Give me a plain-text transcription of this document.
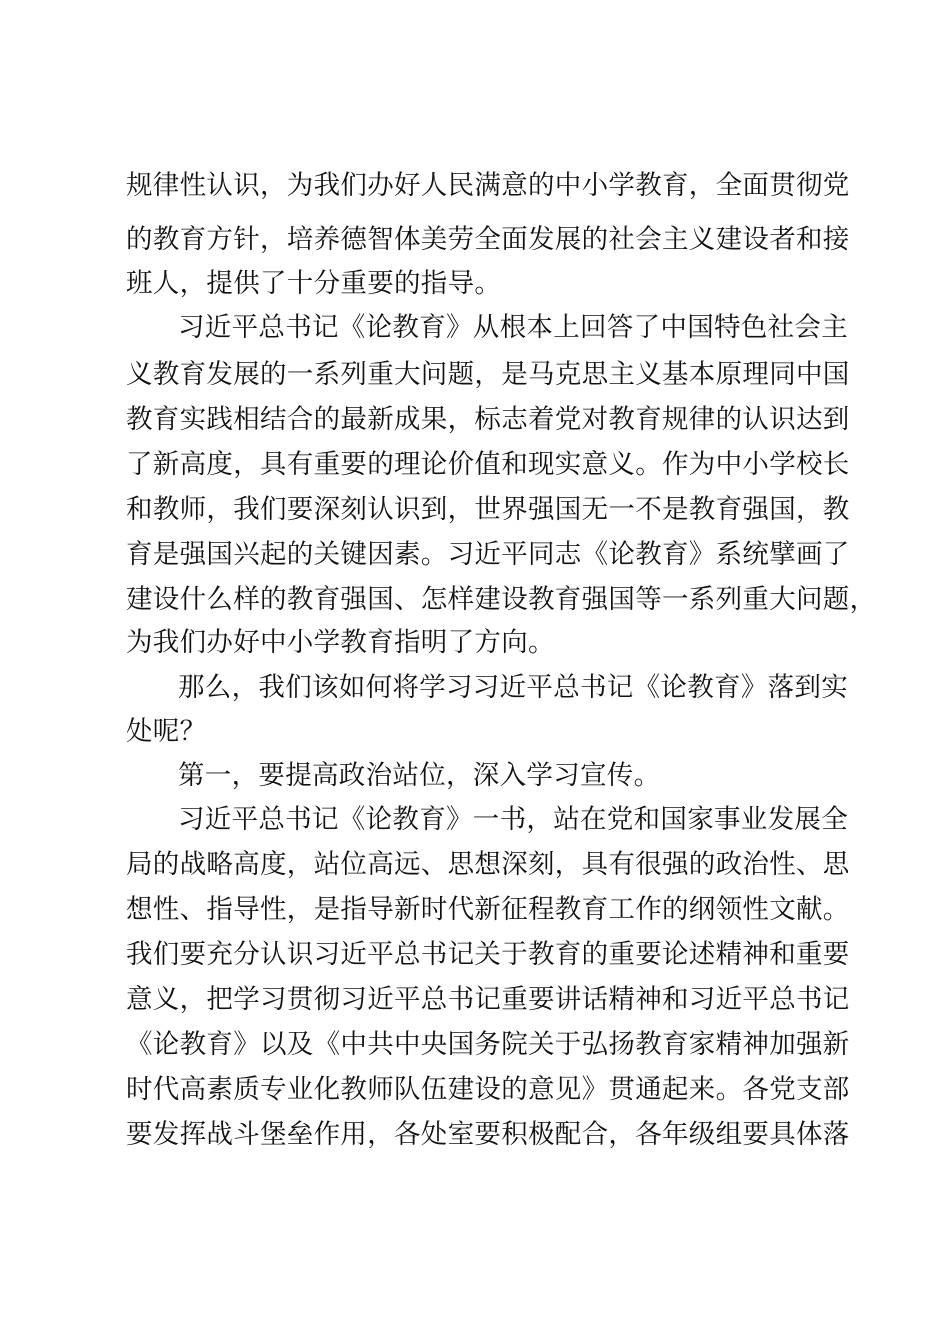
规律性认识，为我们办好人民满意的中小学教育，全面贯彻党
的教育方针，培养德智体美劳全面发展的社会主义建设者和接
班人，提供了十分重要的指导。
习近平总书记《论教育》从根本上回答了中国特色社会主
义教育发展的一系列重大问题，是马克思主义基本原理同中国
教育实践相结合的最新成果，标志着党对教育规律的认识达到
了新高度，具有重要的理论价值和现实意义。作为中小学校长
和教师，我们要深刻认识到，世界强国无一不是教育强国，教
育是强国兴起的关键因素。习近平同志《论教育》系统擘画了
建设什么样的教育强国、怎样建设教育强国等一系列重大问题，
为我们办好中小学教育指明了方向。
那么，我们该如何将学习习近平总书记《论教育》落到实
处呢？
第一，要提高政治站位，深入学习宣传。
习近平总书记《论教育》一书，站在党和国家事业发展全
局的战略高度，站位高远、思想深刻，具有很强的政治性、思
想性、指导性，是指导新时代新征程教育工作的纲领性文献。
我们要充分认识习近平总书记关于教育的重要论述精神和重要
意义，把学习贯彻习近平总书记重要讲话精神和习近平总书记
《论教育》以及《中共中央国务院关于弘扬教育家精神加强新
时代高素质专业化教师队伍建设的意见》贯通起来。各党支部
要发挥战斗堡垒作用，各处室要积极配合，各年级组要具体落
